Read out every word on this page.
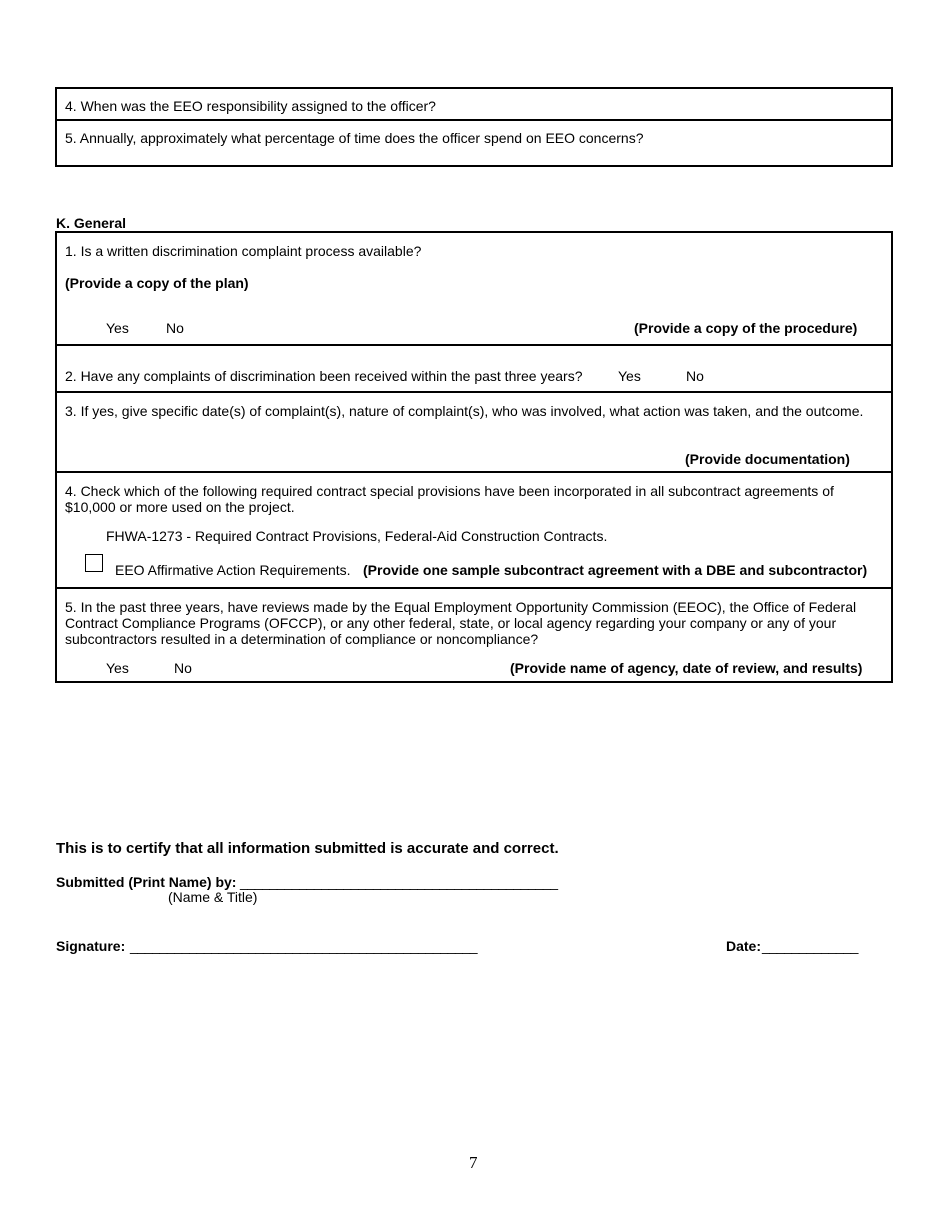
4. When was the EEO responsibility assigned to the officer?
5. Annually, approximately what percentage of time does the officer spend on EEO concerns?
K. General
1. Is a written discrimination complaint process available?
(Provide a copy of the plan)
Yes	No	(Provide a copy of the procedure)
2. Have any complaints of discrimination been received within the past three years?	Yes	No
3. If yes, give specific date(s) of complaint(s), nature of complaint(s), who was involved, what action was taken, and the outcome.
(Provide documentation)
4. Check which of the following required contract special provisions have been incorporated in all subcontract agreements of $10,000 or more used on the project.
FHWA-1273 - Required Contract Provisions, Federal-Aid Construction Contracts.
EEO Affirmative Action Requirements. (Provide one sample subcontract agreement with a DBE and subcontractor)
5. In the past three years, have reviews made by the Equal Employment Opportunity Commission (EEOC), the Office of Federal Contract Compliance Programs (OFCCP), or any other federal, state, or local agency regarding your company or any of your subcontractors resulted in a determination of compliance or noncompliance?
Yes	No	(Provide name of agency, date of review, and results)
This is to certify that all information submitted is accurate and correct.
Submitted (Print Name) by: ___________________________________________
(Name & Title)
Signature: _______________________________________________	Date: _____________
7
